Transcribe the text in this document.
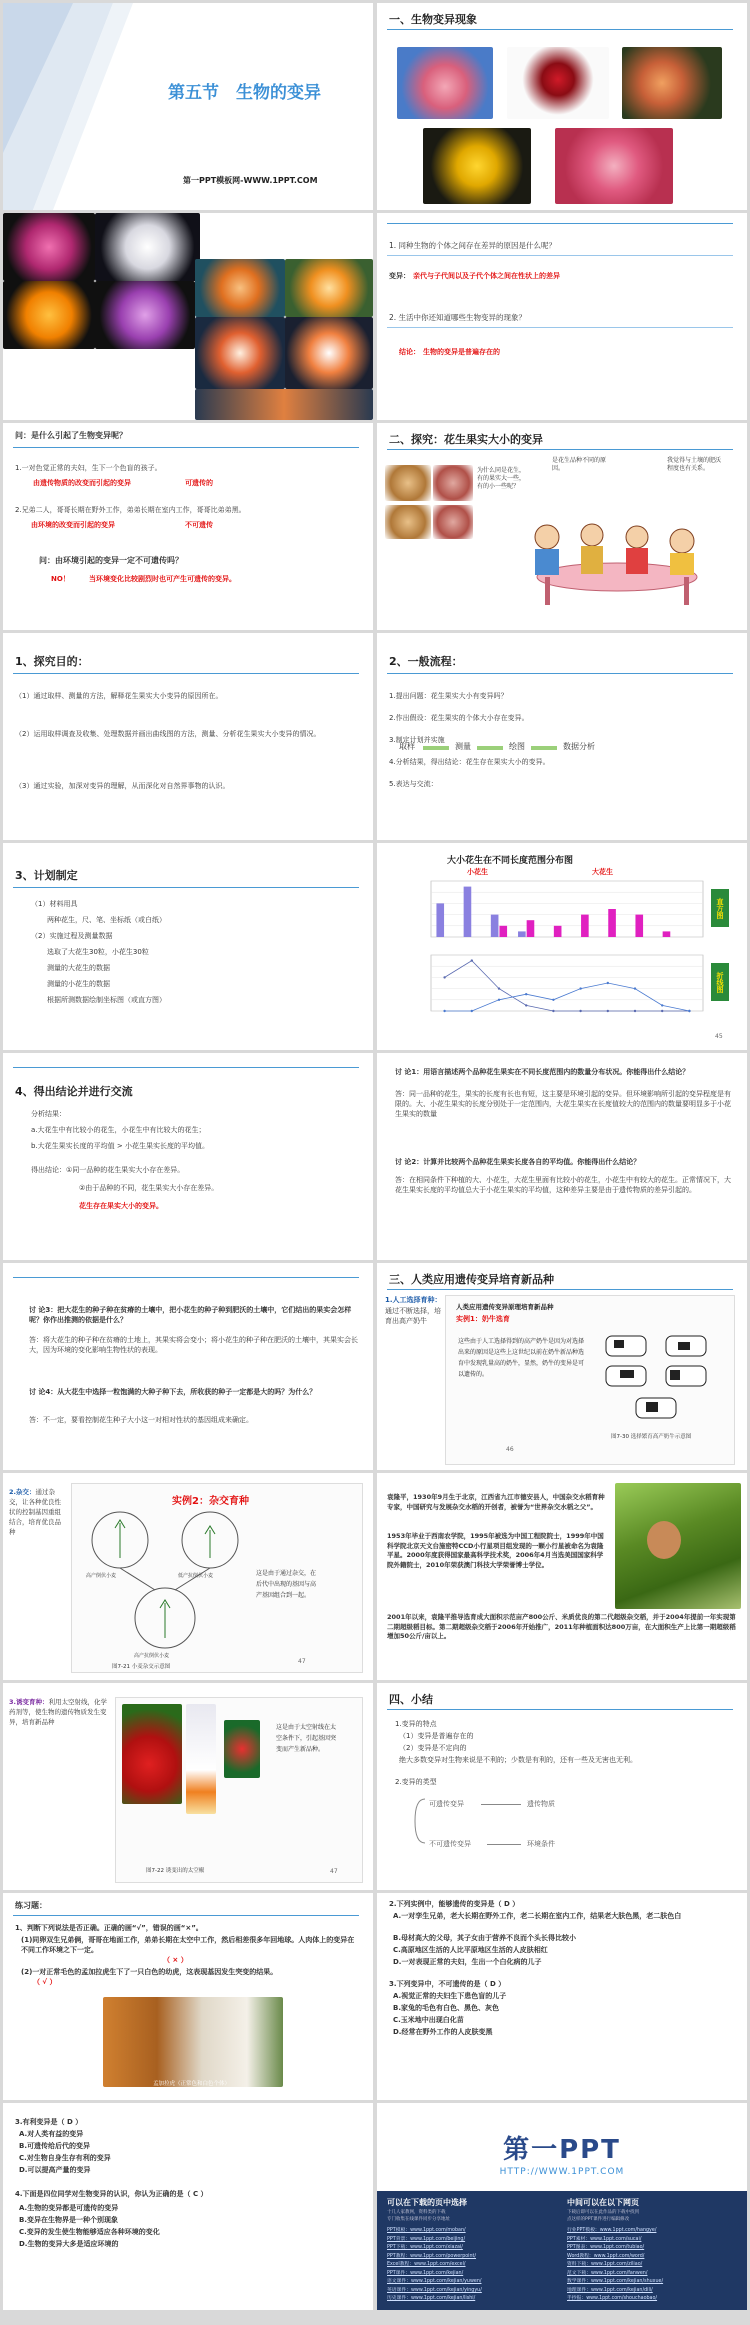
第五节　生物的变异
第一PPT模板网-WWW.1PPT.COM
一、生物变异现象
1. 同种生物的个体之间存在差异的原因是什么呢？
变异： 亲代与子代间以及子代个体之间在性状上的差异
2. 生活中你还知道哪些生物变异的现象？
结论： 生物的变异是普遍存在的
问：是什么引起了生物变异呢？
1.一对色觉正常的夫妇，生下一个色盲的孩子。
由遗传物质的改变而引起的变异	可遗传的
2.兄弟二人，哥哥长期在野外工作，弟弟长期在室内工作，哥哥比弟弟黑。
由环境的改变而引起的变异	不可遗传
问：由环境引起的变异一定不可遗传吗？
NO！	当环境变化比较剧烈时也可产生可遗传的变异。
二、探究：花生果实大小的变异
为什么同是花生，有的果实大一些，有的小一些呢？
是花生品种不同的原因。
我觉得与土壤的肥沃程度也有关系。
1、探究目的：
（1）通过取样、测量的方法，解释花生果实大小变异的原因所在。
（2）运用取样调查及收集、处理数据并画出曲线图的方法，测量、分析花生果实大小变异的情况。
（3）通过实验，加深对变异的理解，从而深化对自然界事物的认识。
2、一般流程：
1.提出问题：花生果实大小有变异吗？
2.作出假设：花生果实的个体大小存在变异。
3.制定计划并实施
4.分析结果，得出结论：花生存在果实大小的变异。
5.表达与交流：
取样	测量	绘图	数据分析
3、计划制定
（1）材料用具
两种花生，尺、笔、坐标纸（或白纸）
（2）实施过程及测量数据
选取了大花生30粒，小花生30粒
测量的大花生的数据
测量的小花生的数据
根据所测数据绘制坐标图（或直方图）
大小花生在不同长度范围分布图
小花生	大花生
直方图
折线图
45
4、得出结论并进行交流
分析结果：
a.大花生中有比较小的花生，小花生中有比较大的花生；
b.大花生果实长度的平均值 > 小花生果实长度的平均值。
得出结论：①同一品种的花生果实大小存在差异。
②由于品种的不同，花生果实大小存在差异。
花生存在果实大小的变异。
讨 论1：用语言描述两个品种花生果实在不同长度范围内的数量分布状况。你能得出什么结论？
答：同一品种的花生，果实的长度有长也有短，这主要是环境引起的变异。但环境影响所引起的变异程度是有限的。大、小花生果实的长度分别处于一定范围内，大花生果实在长度值较大的范围内的数量要明显多于小花生果实的数量
讨 论2：计算并比较两个品种花生果实长度各自的平均值。你能得出什么结论？
答：在相同条件下种植的大、小花生，大花生里面有比较小的花生，小花生中有较大的花生。正常情况下，大花生果实长度的平均值总大于小花生果实的平均值，这种差异主要是由于遗传物质的差异引起的。
讨 论3：把大花生的种子种在贫瘠的土壤中，把小花生的种子种到肥沃的土壤中，它们结出的果实会怎样呢？你作出推测的依据是什么？
答：将大花生的种子种在贫瘠的土地上，其果实将会变小；将小花生的种子种在肥沃的土壤中，其果实会长大，因为环境的变化影响生物性状的表现。
讨 论4：从大花生中选择一粒饱满的大种子种下去，所收获的种子一定都是大的吗？为什么？
答：不一定，要看控制花生种子大小这一对相对性状的基因组成来确定。
三、人类应用遗传变异培育新品种
1.人工选择育种：
通过不断选择，培育出高产奶牛
人类应用遗传变异原理培育新品种
实例1：奶牛选育
这些由于人工选择得到的高产奶牛是因为对选择出来的原因是这些上这世纪以前在奶牛新品种选育中发现乳量高的奶牛，显然，奶牛的变异是可以遗传的。
图7-30 选择繁育高产奶牛示意图
46
2.杂交：通过杂交，让各种优良性状的控制基因重组结合，培育优良品种
实例2：杂交育种
高产倒伏小麦	低产抗倒伏小麦
高产抗倒伏小麦
这是由于通过杂交，在后代中出现的基因与高产基因组合到一起。
图7-21 小麦杂交示意图
47
袁隆平，1930年9月生于北京，江西省九江市德安县人，中国杂交水稻育种专家，中国研究与发展杂交水稻的开创者，被誉为“世界杂交水稻之父”。
1953年毕业于西南农学院，1995年被选为中国工程院院士，1999年中国科学院北京天文台施密特CCD小行星项目组发现的一颗小行星被命名为袁隆平星。2000年度获得国家最高科学技术奖，2006年4月当选美国国家科学院外籍院士，2010年荣获澳门科技大学荣誉博士学位。
2001年以来，袁隆平推导选育成大面积示范亩产800公斤、米质优良的第二代超级杂交稻，并于2004年提前一年实现第二期超级稻目标。第二期超级杂交稻于2006年开始推广，2011年种植面积达800万亩，在大面积生产上比第一期超级稻增加50公斤/亩以上。
3.诱变育种：利用太空射线，化学药剂等，使生物的遗传物质发生变异，培育新品种
这是由于太空射线在太空条件下，引起基因突变而产生新品种。
图7-22 诱变出的太空椒	47
四、小结
1.变异的特点
（1）变异是普遍存在的
（2）变异是不定向的
绝大多数变异对生物来说是不利的；少数是有利的，还有一些及无害也无利。
2.变异的类型
可遗传变异	遗传物质
不可遗传变异	环境条件
练习题：
1、判断下列说法是否正确。正确的画“√”，错误的画“×”。
(1)同卵双生兄弟俩，哥哥在地面工作，弟弟长期在太空中工作，然后相差很多年回地球。人肉体上的变异在不同工作环境之下一定。
（ × ）
(2)一对正常毛色的孟加拉虎生下了一只白色的幼虎，这表现基因发生突变的结果。
（ √ ）
孟加拉虎（正常色和白色个体）
2.下列实例中，能够遗传的变异是（ D ）
A.一对孪生兄弟，老大长期在野外工作，老二长期在室内工作，结果老大肤色黑，老二肤色白
B.母材高大的父母，其子女由于营养不良而个头长得比较小
C.高原地区生活的人比平原地区生活的人皮肤相红
D.一对表现正常的夫妇，生出一个白化病的儿子
3.下列变异中，不可遗传的是（ D ）
A.视觉正常的夫妇生下患色盲的儿子
B.家兔的毛色有白色、黑色、灰色
C.玉米地中出现白化苗
D.经常在野外工作的人皮肤变黑
3.有利变异是（ D ）
A.对人类有益的变异
B.可遗传给后代的变异
C.对生物自身生存有利的变异
D.可以提高产量的变异
4.下面是四位同学对生物变异的认识，你认为正确的是（ C ）
A.生物的变异都是可遗传的变异
B.变异在生物界是一种个别现象
C.变异的发生使生物能够适应各种环境的变化
D.生物的变异大多是适应环境的
第一PPT
HTTP://WWW.1PPT.COM
可以在下载的页中选择	中间可以在以下网页
十几人家教网，资料类的下载
专门收集在线课件同步分享地址
下载后即可以在此作品的下载中找到
点这样的PPT课件进行编辑修改
PPT模板：www.1ppt.com/moban/
PPT背景：www.1ppt.com/beijing/
PPT下载：www.1ppt.com/xiazai/
PPT教程：www.1ppt.com/powerpoint/
Excel教程：www.1ppt.com/excel/
PPT课件：www.1ppt.com/kejian/
语文课件：www.1ppt.com/kejian/yuwen/
英语课件：www.1ppt.com/kejian/yingyu/
历史课件：www.1ppt.com/kejian/lishi/
行业PPT模板：www.1ppt.com/hangye/
PPT素材：www.1ppt.com/sucai/
PPT图表：www.1ppt.com/tubiao/
Word教程：www.1ppt.com/word/
资料下载：www.1ppt.com/ziliao/
范文下载：www.1ppt.com/fanwen/
数学课件：www.1ppt.com/kejian/shuxue/
地理课件：www.1ppt.com/kejian/dili/
手抄报：www.1ppt.com/shouchaobao/
